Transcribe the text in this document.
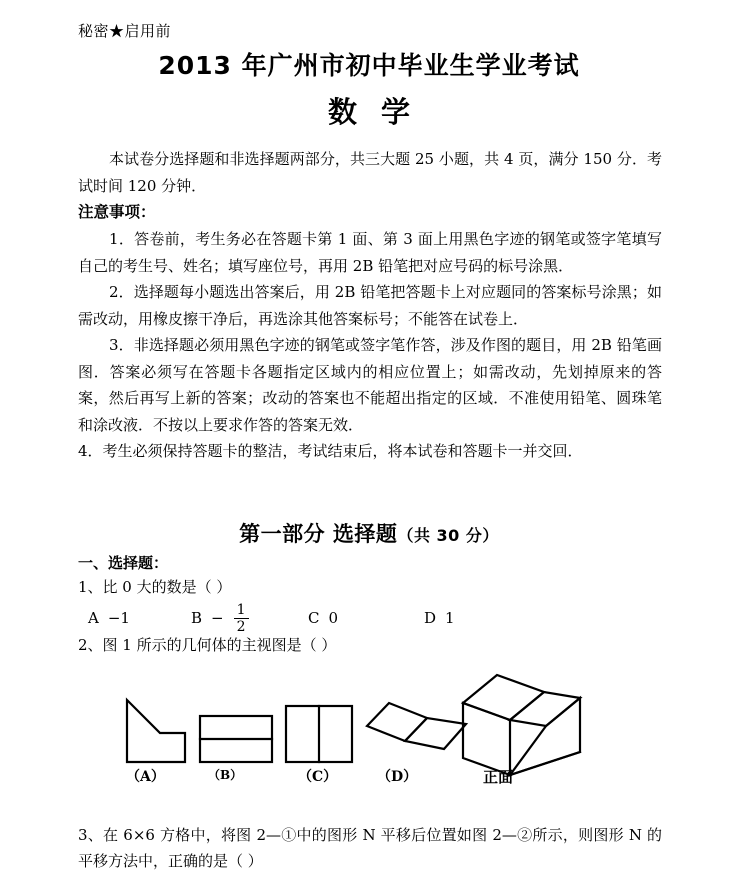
秘密★启用前
2013 年广州市初中毕业生学业考试
数学

本试卷分选择题和非选择题两部分，共三大题 25 小题，共 4 页，满分 150 分．考试时间 120 分钟．

注意事项：

1．答卷前，考生务必在答题卡第 1 面、第 3 面上用黑色字迹的钢笔或签字笔填写自己的考生号、姓名；填写座位号，再用 2B 铅笔把对应号码的标号涂黑．

2．选择题每小题选出答案后，用 2B 铅笔把答题卡上对应题同的答案标号涂黑；如需改动，用橡皮擦干净后，再选涂其他答案标号；不能答在试卷上．

3．非选择题必须用黑色字迹的钢笔或签字笔作答，涉及作图的题目，用 2B 铅笔画图．答案必须写在答题卡各题指定区域内的相应位置上；如需改动，先划掉原来的答案，然后再写上新的答案；改动的答案也不能超出指定的区域．不准使用铅笔、圆珠笔和涂改液．不按以上要求作答的答案无效．

4．考生必须保持答题卡的整洁，考试结束后，将本试卷和答题卡一并交回．

第一部分 选择题（共 30 分）
一、选择题：
1、比 0 大的数是（ ）
A −1	$B - \frac{1}{2}$	C 0	D 1
2、图 1 所示的几何体的主视图是（ ）
（A）	（B）	（C）	（D）	正面
3、在 6×6 方格中，将图 2—①中的图形 N 平移后位置如图 2—②所示，则图形 N 的平移方法中，正确的是（ ）
